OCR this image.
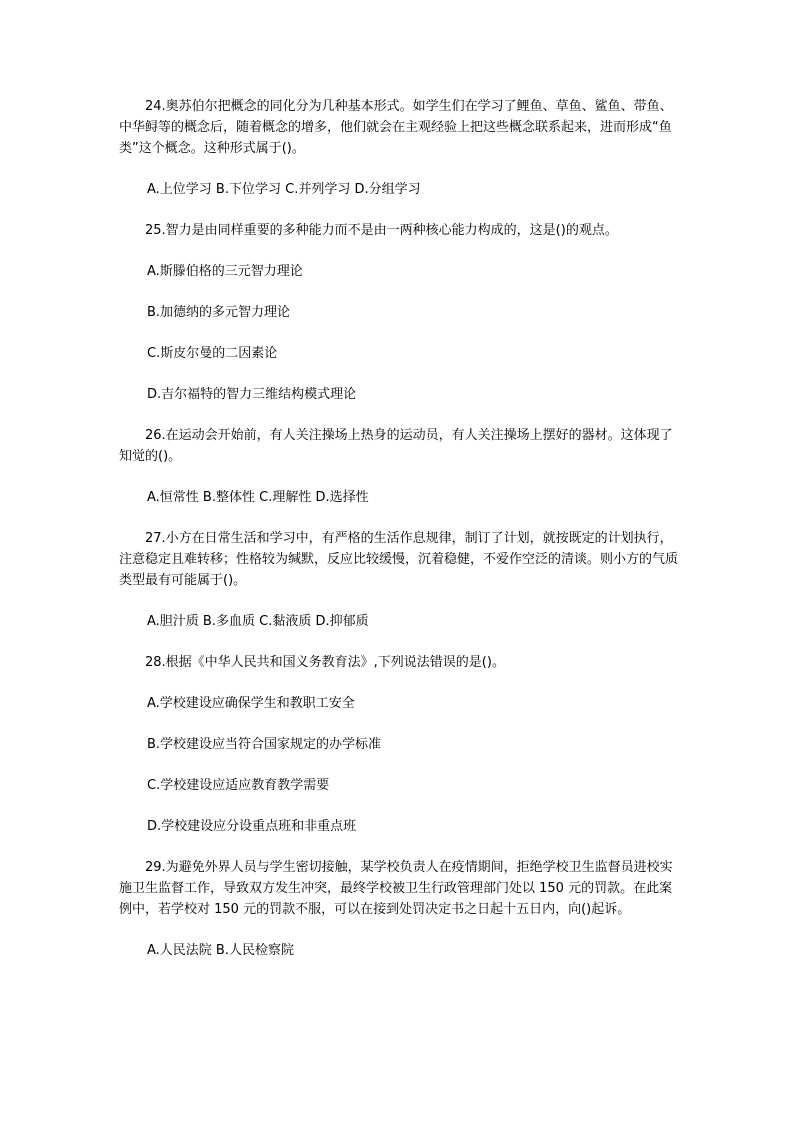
24.奥苏伯尔把概念的同化分为几种基本形式。如学生们在学习了鲤鱼、草鱼、鲨鱼、带鱼、中华鲟等的概念后，随着概念的增多，他们就会在主观经验上把这些概念联系起来，进而形成“鱼类”这个概念。这种形式属于()。

A.上位学习 B.下位学习 C.并列学习 D.分组学习

25.智力是由同样重要的多种能力而不是由一两种核心能力构成的，这是()的观点。

A.斯滕伯格的三元智力理论

B.加德纳的多元智力理论

C.斯皮尔曼的二因素论

D.吉尔福特的智力三维结构模式理论

26.在运动会开始前，有人关注操场上热身的运动员，有人关注操场上摆好的器材。这体现了知觉的()。

A.恒常性 B.整体性 C.理解性 D.选择性

27.小方在日常生活和学习中，有严格的生活作息规律，制订了计划，就按既定的计划执行，注意稳定且难转移；性格较为缄默，反应比较缓慢，沉着稳健，不爱作空泛的清谈。则小方的气质类型最有可能属于()。

A.胆汁质 B.多血质 C.黏液质 D.抑郁质

28.根据《中华人民共和国义务教育法》,下列说法错误的是()。

A.学校建设应确保学生和教职工安全

B.学校建设应当符合国家规定的办学标准

C.学校建设应适应教育教学需要

D.学校建设应分设重点班和非重点班

29.为避免外界人员与学生密切接触，某学校负责人在疫情期间，拒绝学校卫生监督员进校实施卫生监督工作，导致双方发生冲突，最终学校被卫生行政管理部门处以 150 元的罚款。在此案例中，若学校对 150 元的罚款不服，可以在接到处罚决定书之日起十五日内，向()起诉。

A.人民法院 B.人民检察院
